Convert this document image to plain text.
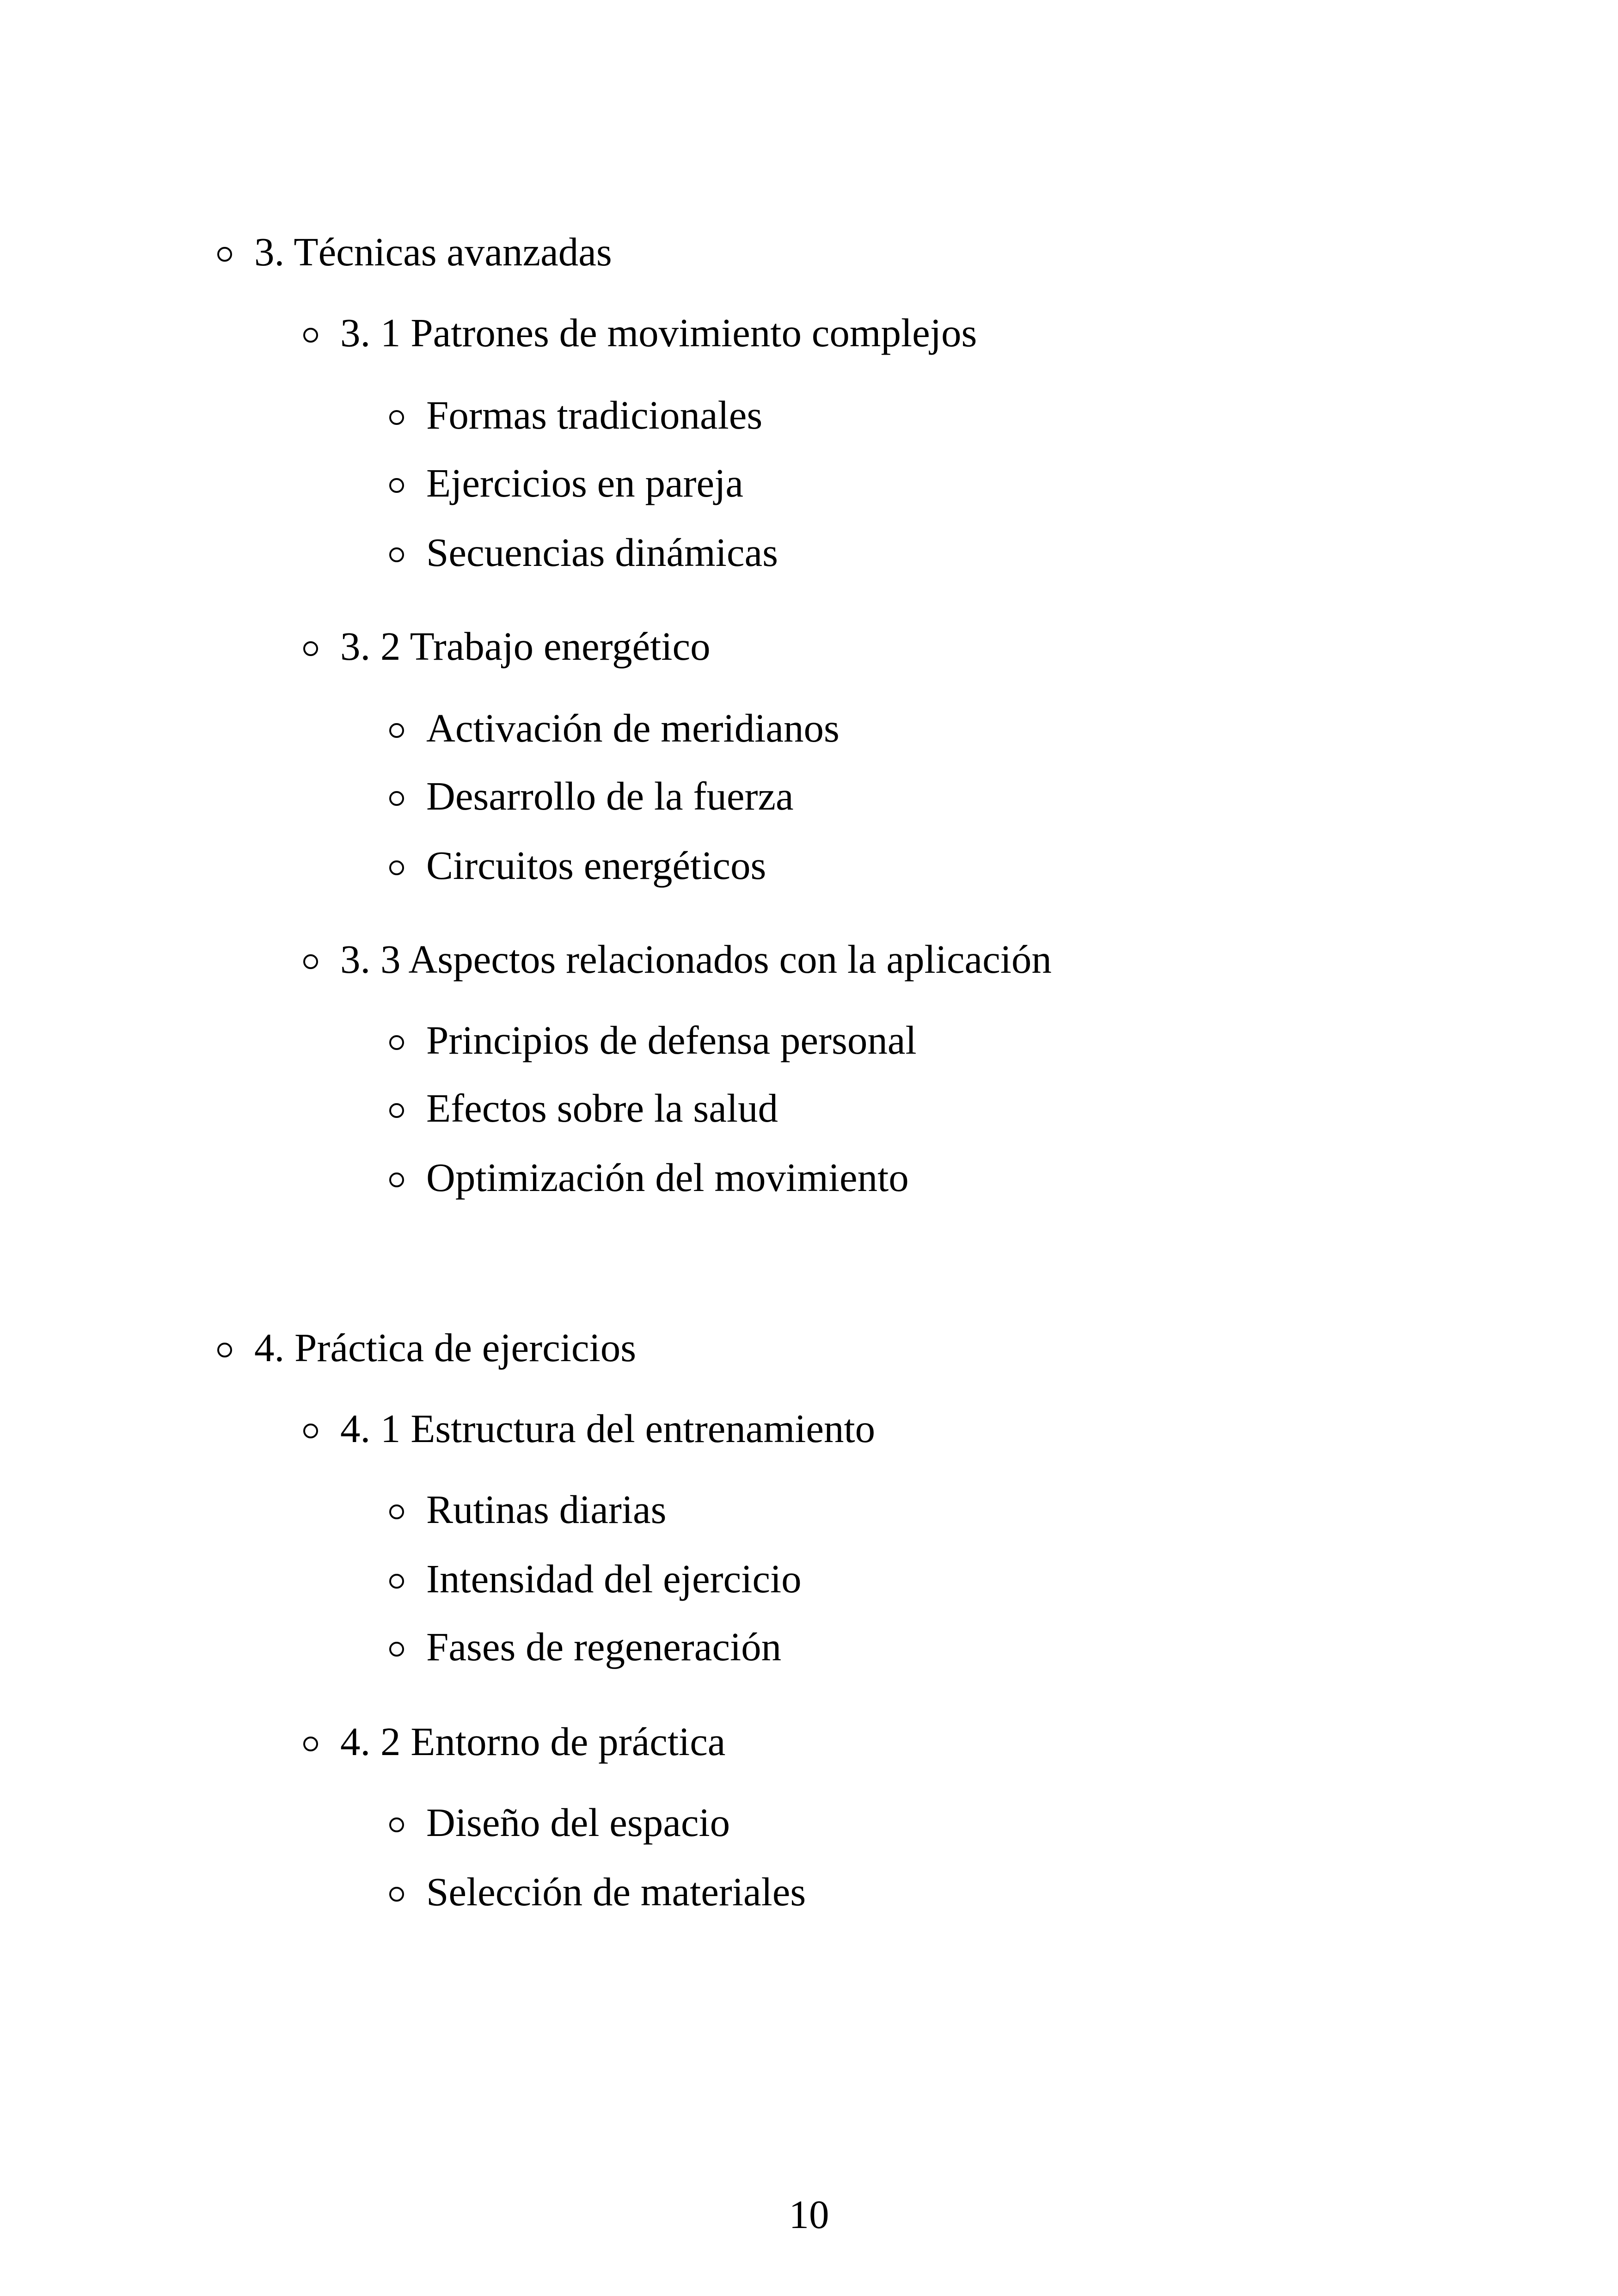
3. Técnicas avanzadas
3. 1 Patrones de movimiento complejos
Formas tradicionales
Ejercicios en pareja
Secuencias dinámicas
3. 2 Trabajo energético
Activación de meridianos
Desarrollo de la fuerza
Circuitos energéticos
3. 3 Aspectos relacionados con la aplicación
Principios de defensa personal
Efectos sobre la salud
Optimización del movimiento
4. Práctica de ejercicios
4. 1 Estructura del entrenamiento
Rutinas diarias
Intensidad del ejercicio
Fases de regeneración
4. 2 Entorno de práctica
Diseño del espacio
Selección de materiales
10
